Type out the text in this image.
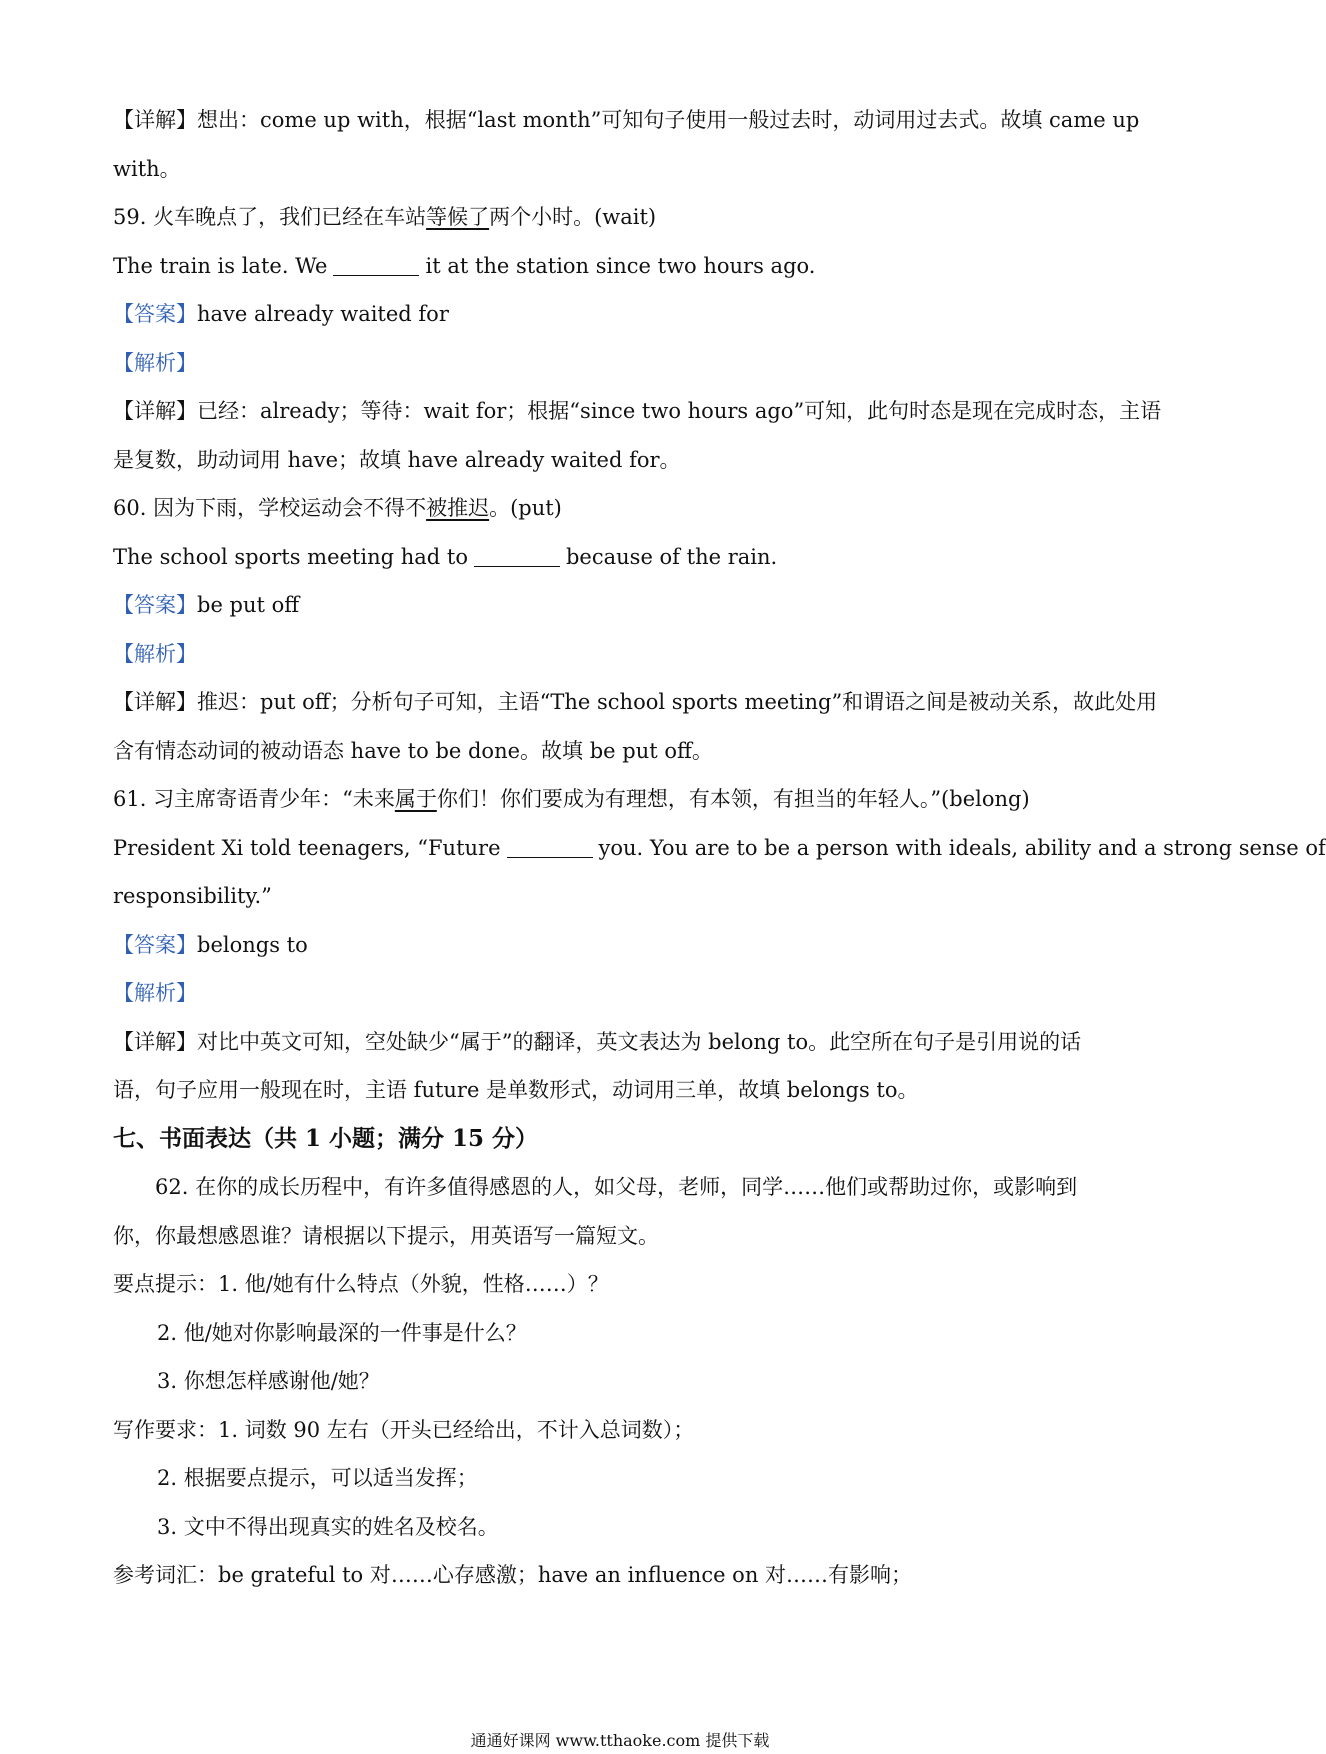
【详解】想出：come up with，根据“last month”可知句子使用一般过去时，动词用过去式。故填 came up

with。

59. 火车晚点了，我们已经在车站等候了两个小时。(wait)

The train is late. We	it at the station since two hours ago.

【答案】have already waited for

【解析】

【详解】已经：already；等待：wait for；根据“since two hours ago”可知，此句时态是现在完成时态，主语

是复数，助动词用 have；故填 have already waited for。

60. 因为下雨，学校运动会不得不被推迟。(put)

The school sports meeting had to	because of the rain.

【答案】be put off

【解析】

【详解】推迟：put off；分析句子可知，主语“The school sports meeting”和谓语之间是被动关系，故此处用

含有情态动词的被动语态 have to be done。故填 be put off。

61. 习主席寄语青少年：“未来属于你们！你们要成为有理想，有本领，有担当的年轻人。”(belong)

President Xi told teenagers, “Future	you. You are to be a person with ideals, ability and a strong sense of

responsibility.”

【答案】belongs to

【解析】

【详解】对比中英文可知，空处缺少“属于”的翻译，英文表达为 belong to。此空所在句子是引用说的话

语，句子应用一般现在时，主语 future 是单数形式，动词用三单，故填 belongs to。

七、书面表达（共 1 小题；满分 15 分）

62. 在你的成长历程中，有许多值得感恩的人，如父母，老师，同学……他们或帮助过你，或影响到

你，你最想感恩谁？请根据以下提示，用英语写一篇短文。

要点提示：1. 他/她有什么特点（外貌，性格……）？

2. 他/她对你影响最深的一件事是什么？

3. 你想怎样感谢他/她？

写作要求：1. 词数 90 左右（开头已经给出，不计入总词数）；

2. 根据要点提示，可以适当发挥；

3. 文中不得出现真实的姓名及校名。

参考词汇：be grateful to 对……心存感激；have an influence on 对……有影响；

通通好课网 www.tthaoke.com 提供下载
